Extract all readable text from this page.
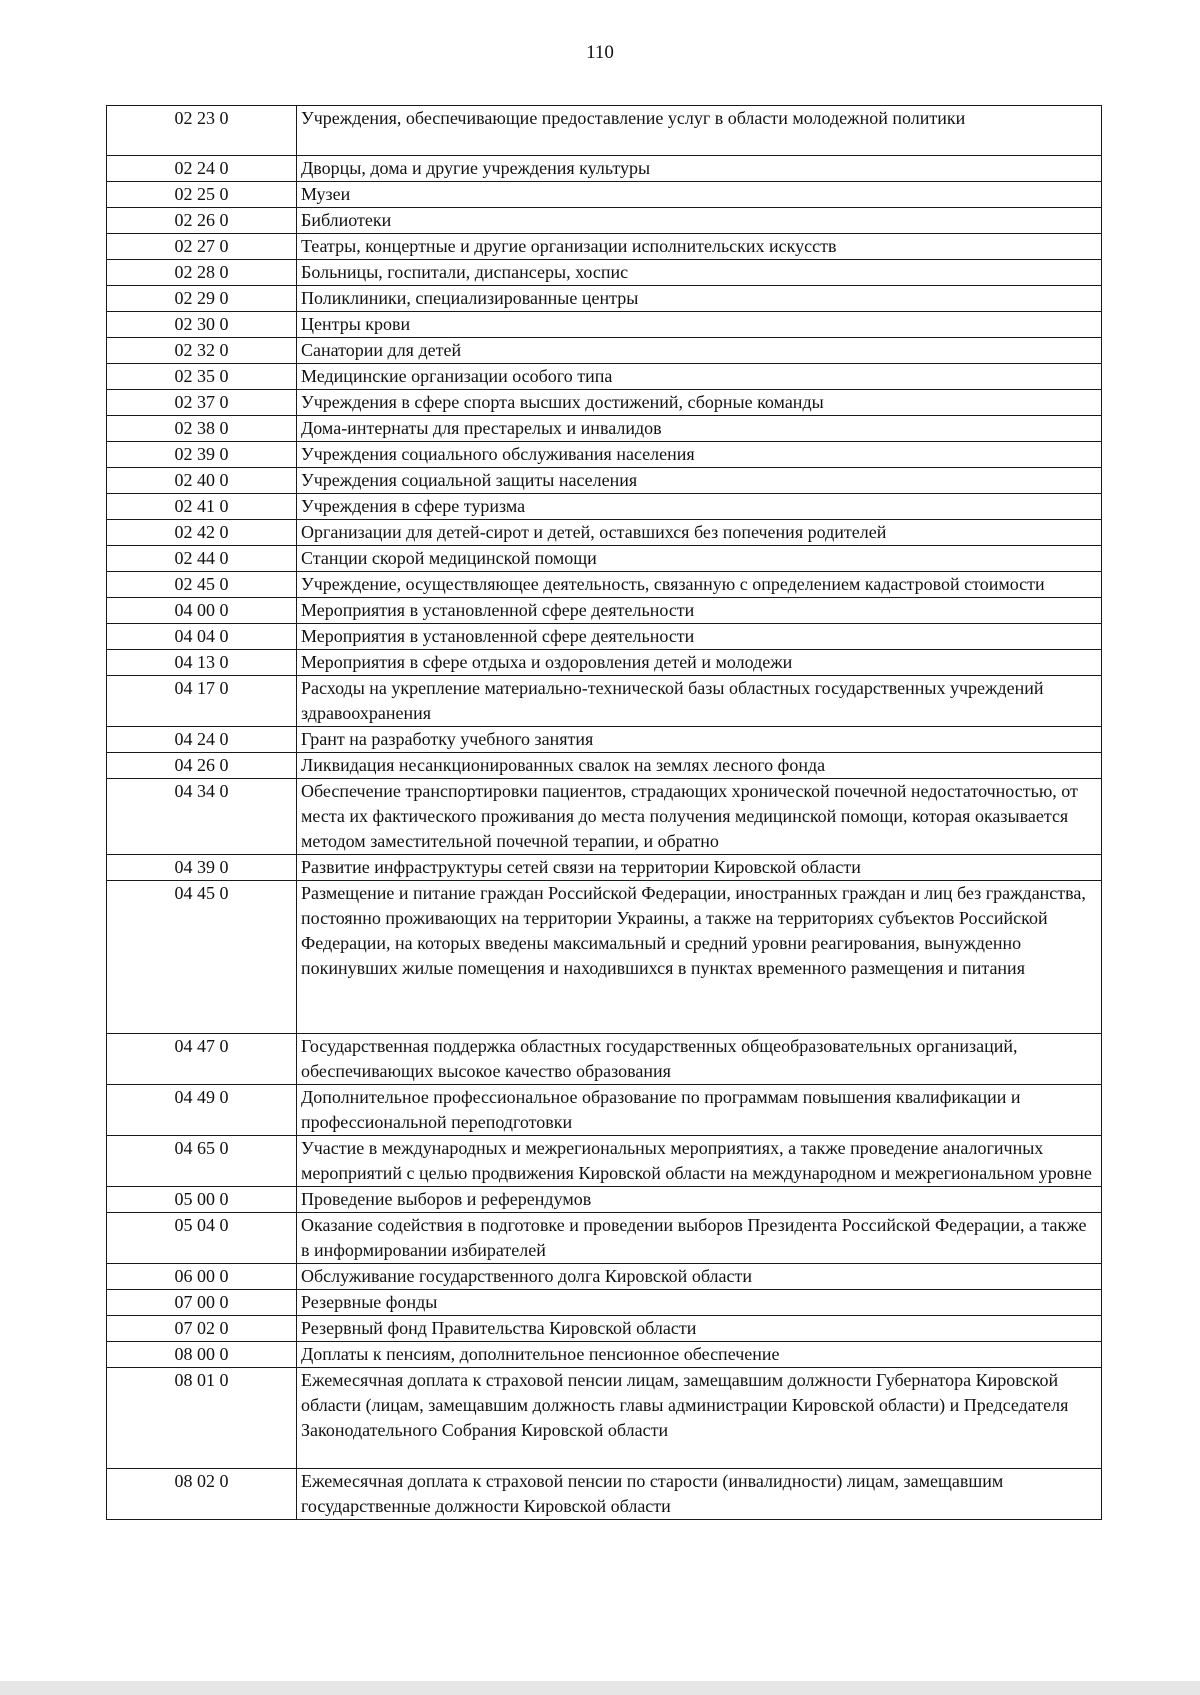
110
02 23 0	Учреждения, обеспечивающие предоставление услуг в области молодежной политики
02 24 0	Дворцы, дома и другие учреждения культуры
02 25 0	Музеи
02 26 0	Библиотеки
02 27 0	Театры, концертные и другие организации исполнительских искусств
02 28 0	Больницы, госпитали, диспансеры, хоспис
02 29 0	Поликлиники, специализированные центры
02 30 0	Центры крови
02 32 0	Санатории для детей
02 35 0	Медицинские организации особого типа
02 37 0	Учреждения в сфере спорта высших достижений, сборные команды
02 38 0	Дома-интернаты для престарелых и инвалидов
02 39 0	Учреждения социального обслуживания населения
02 40 0	Учреждения социальной защиты населения
02 41 0	Учреждения в сфере туризма
02 42 0	Организации для детей-сирот и детей, оставшихся без попечения родителей
02 44 0	Станции скорой медицинской помощи
02 45 0	Учреждение, осуществляющее деятельность, связанную с определением кадастровой стоимости
04 00 0	Мероприятия в установленной сфере деятельности
04 04 0	Мероприятия в установленной сфере деятельности
04 13 0	Мероприятия в сфере отдыха и оздоровления детей и молодежи
04 17 0	Расходы на укрепление материально-технической базы областных государственных учреждений здравоохранения
04 24 0	Грант на разработку учебного занятия
04 26 0	Ликвидация несанкционированных свалок на землях лесного фонда
04 34 0	Обеспечение транспортировки пациентов, страдающих хронической почечной недостаточностью, от места их фактического проживания до места получения медицинской помощи, которая оказывается методом заместительной почечной терапии, и обратно
04 39 0	Развитие инфраструктуры сетей связи на территории Кировской области
04 45 0	Размещение и питание граждан Российской Федерации, иностранных граждан и лиц без гражданства, постоянно проживающих на территории Украины, а также на территориях субъектов Российской Федерации, на которых введены максимальный и средний уровни реагирования, вынужденно покинувших жилые помещения и находившихся в пунктах временного размещения и питания
04 47 0	Государственная поддержка областных государственных общеобразовательных организаций, обеспечивающих высокое качество образования
04 49 0	Дополнительное профессиональное образование по программам повышения квалификации и профессиональной переподготовки
04 65 0	Участие в международных и межрегиональных мероприятиях, а также проведение аналогичных мероприятий с целью продвижения Кировской области на международном и межрегиональном уровне
05 00 0	Проведение выборов и референдумов
05 04 0	Оказание содействия в подготовке и проведении выборов Президента Российской Федерации, а также в информировании избирателей
06 00 0	Обслуживание государственного долга Кировской области
07 00 0	Резервные фонды
07 02 0	Резервный фонд Правительства Кировской области
08 00 0	Доплаты к пенсиям, дополнительное пенсионное обеспечение
08 01 0	Ежемесячная доплата к страховой пенсии лицам, замещавшим должности Губернатора Кировской области (лицам, замещавшим должность главы администрации Кировской области) и Председателя Законодательного Собрания Кировской области
08 02 0	Ежемесячная доплата к страховой пенсии по старости (инвалидности) лицам, замещавшим государственные должности Кировской области
